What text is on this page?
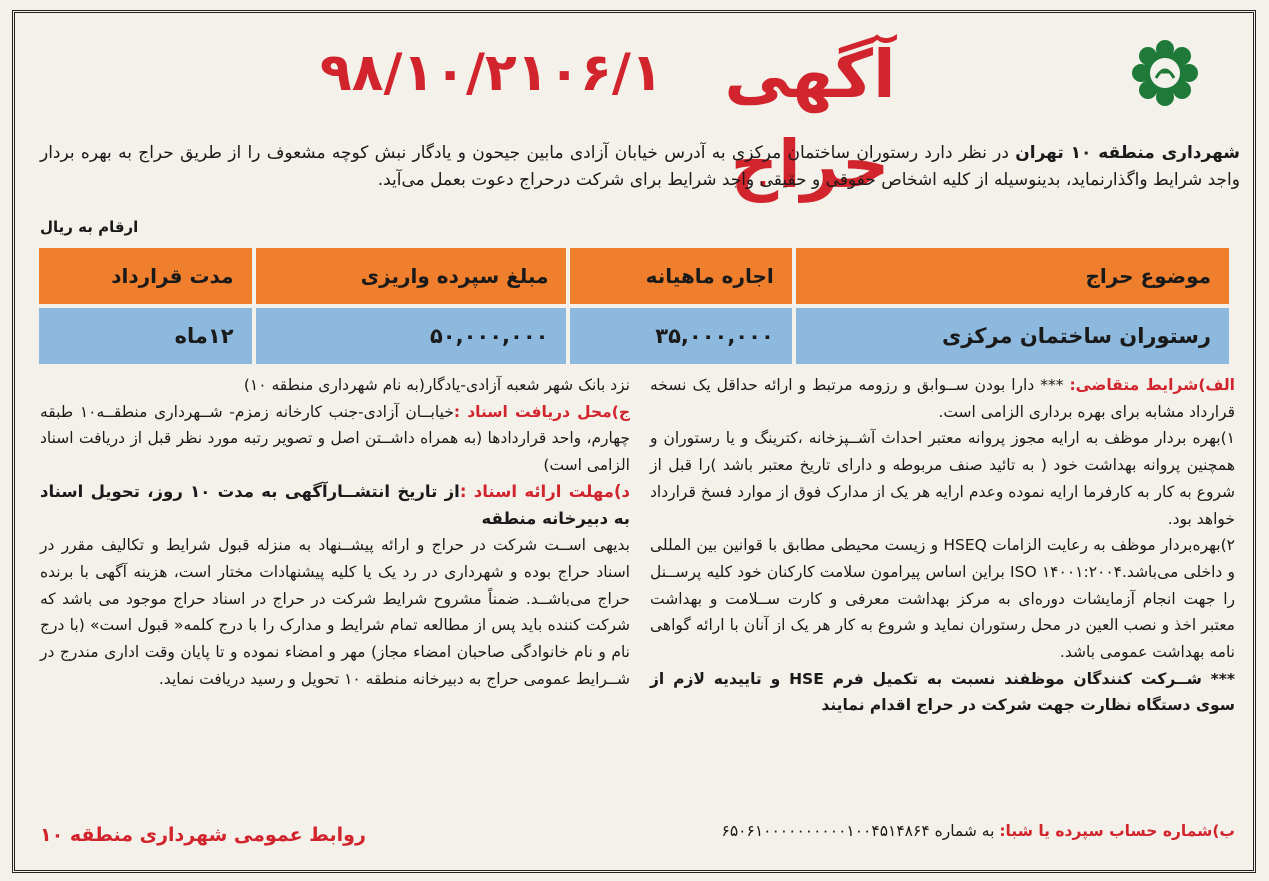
آگهی حراج
۹۸/۱۰/۲۱۰۶/۱
شهرداری منطقه ۱۰ تهران در نظر دارد رستوران ساختمان مرکزی به آدرس خیابان آزادی مابین جیحون و یادگار نبش کوچه مشعوف را از طریق حراج به بهره بردار واجد شرایط واگذارنماید، بدینوسیله از کلیه اشخاص حقوقی و حقیقی واجد شرایط برای شرکت درحراج دعوت بعمل می‌آید.
ارقام به ریال
موضوع حراج	اجاره ماهیانه	مبلغ سپرده واریزی	مدت قرارداد
رستوران ساختمان مرکزی	۳۵,۰۰۰,۰۰۰	۵۰,۰۰۰,۰۰۰	۱۲ماه
الف)شرایط متقاضی: *** دارا بودن ســوابق و رزومه مرتبط و ارائه حداقل یک نسخه قرارداد مشابه برای بهره برداری الزامی است.
۱)بهره بردار موظف به ارایه مجوز پروانه معتبر احداث آشــپزخانه ،کترینگ و یا رستوران و همچنین پروانه بهداشت خود ( به تائید صنف مربوطه و دارای تاریخ معتبر باشد )را قبل از شروع به کار به کارفرما ارایه نموده وعدم ارایه هر یک از مدارک فوق از موارد فسخ قرارداد خواهد بود.
۲)بهره‌بردار موظف به رعایت الزامات HSEQ و زیست محیطی مطابق با قوانین بین المللی و داخلی می‌باشد.۱۴۰۰۱:۲۰۰۴ ISO براین اساس پیرامون سلامت کارکنان خود کلیه پرســنل را جهت انجام آزمایشات دوره‌ای به مرکز بهداشت معرفی و کارت ســلامت و بهداشت معتبر اخذ و نصب العین در محل رستوران نماید و شروع به کار هر یک از آنان با ارائه گواهی نامه بهداشت عمومی باشد.
*** شــرکت کنندگان موظفند نسبت به تکمیل فرم HSE و تاییدیه لازم از سوی دستگاه نظارت جهت شرکت در حراج اقدام نمایند
ب)شماره حساب سپرده یا شبا: به شماره ۶۵۰۶۱۰۰۰۰۰۰۰۰۰۰۱۰۰۴۵۱۴۸۶۴
نزد بانک شهر شعبه آزادی-یادگار(به نام شهرداری منطقه ۱۰)
ج)محل دریافت اسناد :خیابــان آزادی-جنب کارخانه زمزم- شــهرداری منطقــه۱۰ طبقه چهارم، واحد قراردادها (به همراه داشــتن اصل و تصویر رتبه مورد نظر قبل از دریافت اسناد الزامی است)
د)مهلت ارائه اسناد :از تاریخ انتشــارآگهی به مدت ۱۰ روز، تحویل اسناد به دبیرخانه منطقه
بدیهی اســت شرکت در حراج و ارائه پیشــنهاد به منزله قبول شرایط و تکالیف مقرر در اسناد حراج بوده و شهرداری در رد یک یا کلیه پیشنهادات مختار است، هزینه آگهی با برنده حراج می‌باشــد. ضمناً مشروح شرایط شرکت در حراج در اسناد حراج موجود می باشد که شرکت کننده باید پس از مطالعه تمام شرایط و مدارک را با درج کلمه« قبول است» (با درج نام و نام خانوادگی صاحبان امضاء مجاز) مهر و امضاء نموده و تا پایان وقت اداری مندرج در شــرایط عمومی حراج به دبیرخانه منطقه ۱۰ تحویل و رسید دریافت نماید.
روابط عمومی شهرداری منطقه ۱۰
